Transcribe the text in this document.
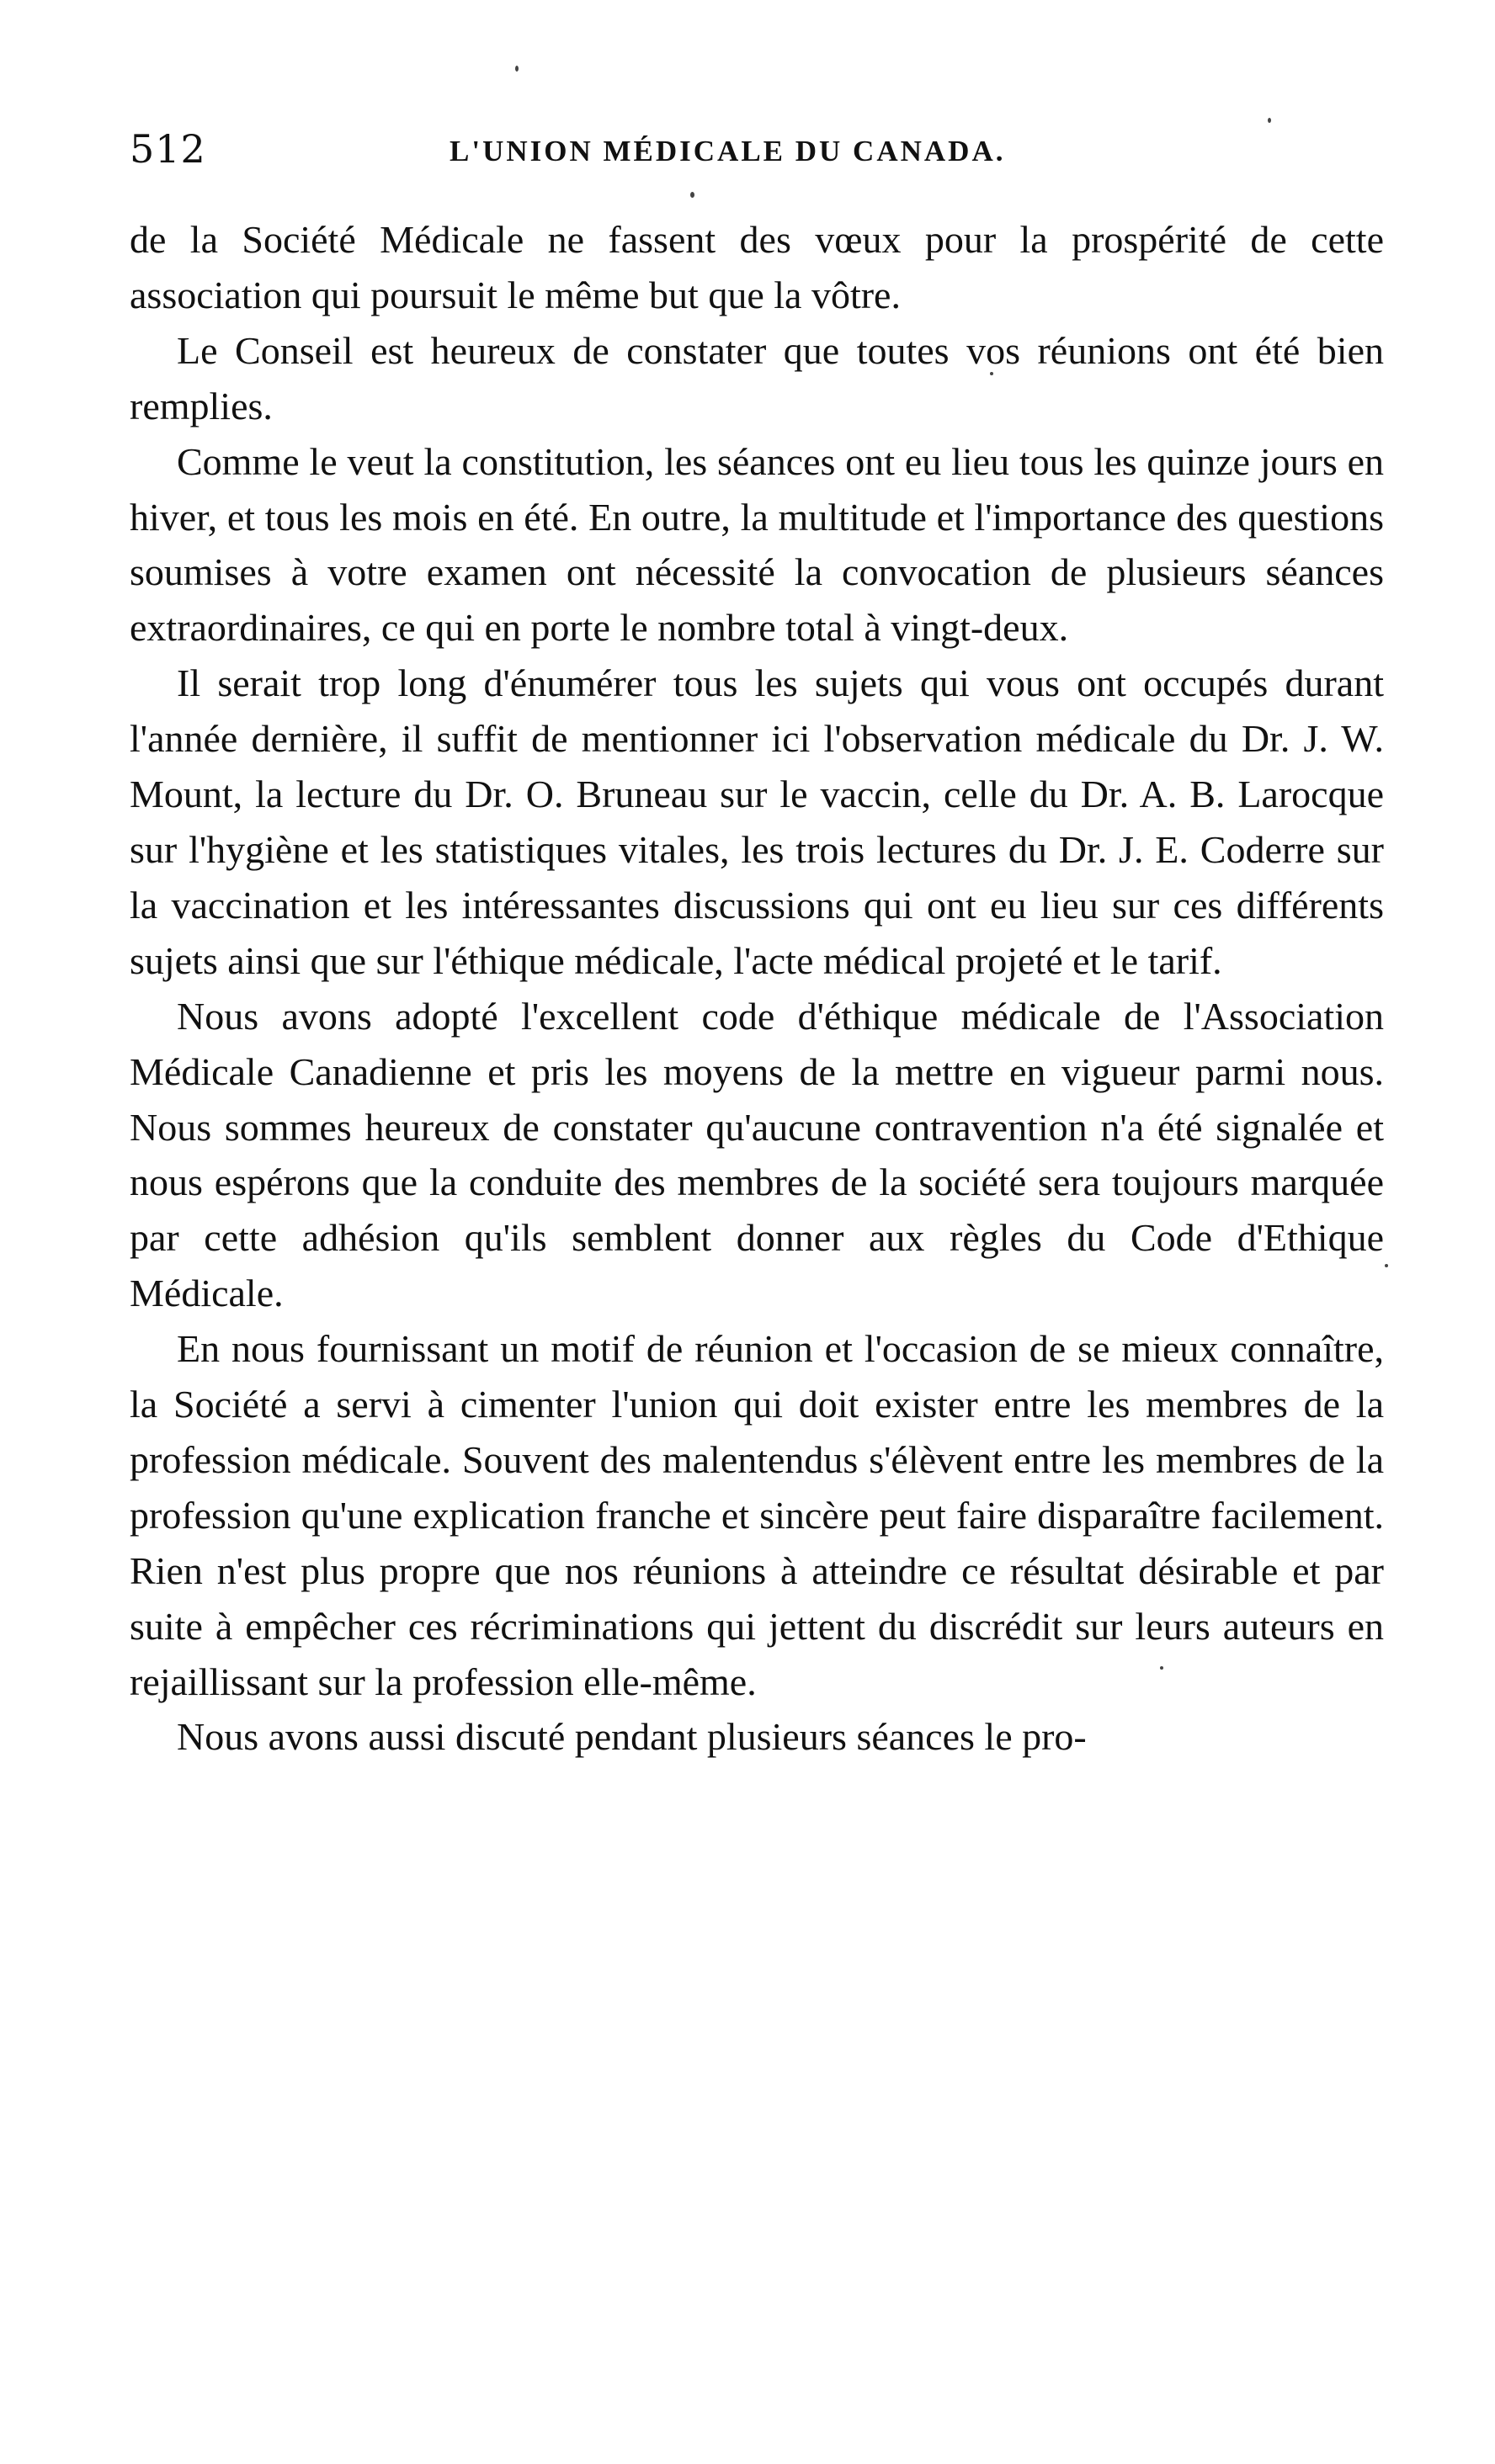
512	L'UNION MÉDICALE DU CANADA.

de la Société Médicale ne fassent des vœux pour la prospérité de cette association qui poursuit le même but que la vôtre.

Le Conseil est heureux de constater que toutes vos réunions ont été bien remplies.

Comme le veut la constitution, les séances ont eu lieu tous les quinze jours en hiver, et tous les mois en été. En outre, la multitude et l'importance des questions soumises à votre examen ont nécessité la convocation de plusieurs séances extraordinaires, ce qui en porte le nombre total à vingt-deux.

Il serait trop long d'énumérer tous les sujets qui vous ont occupés durant l'année dernière, il suffit de mentionner ici l'observation médicale du Dr. J. W. Mount, la lecture du Dr. O. Bruneau sur le vaccin, celle du Dr. A. B. Larocque sur l'hygiène et les statistiques vitales, les trois lectures du Dr. J. E. Coderre sur la vaccination et les intéressantes discussions qui ont eu lieu sur ces différents sujets ainsi que sur l'éthique médicale, l'acte médical projeté et le tarif.

Nous avons adopté l'excellent code d'éthique médicale de l'Association Médicale Canadienne et pris les moyens de la mettre en vigueur parmi nous. Nous sommes heureux de constater qu'aucune contravention n'a été signalée et nous espérons que la conduite des membres de la société sera toujours marquée par cette adhésion qu'ils semblent donner aux règles du Code d'Ethique Médicale.

En nous fournissant un motif de réunion et l'occasion de se mieux connaître, la Société a servi à cimenter l'union qui doit exister entre les membres de la profession médicale. Souvent des malentendus s'élèvent entre les membres de la profession qu'une explication franche et sincère peut faire disparaître facilement. Rien n'est plus propre que nos réunions à atteindre ce résultat désirable et par suite à empêcher ces récriminations qui jettent du discrédit sur leurs auteurs en rejaillissant sur la profession elle-même.

Nous avons aussi discuté pendant plusieurs séances le pro-
